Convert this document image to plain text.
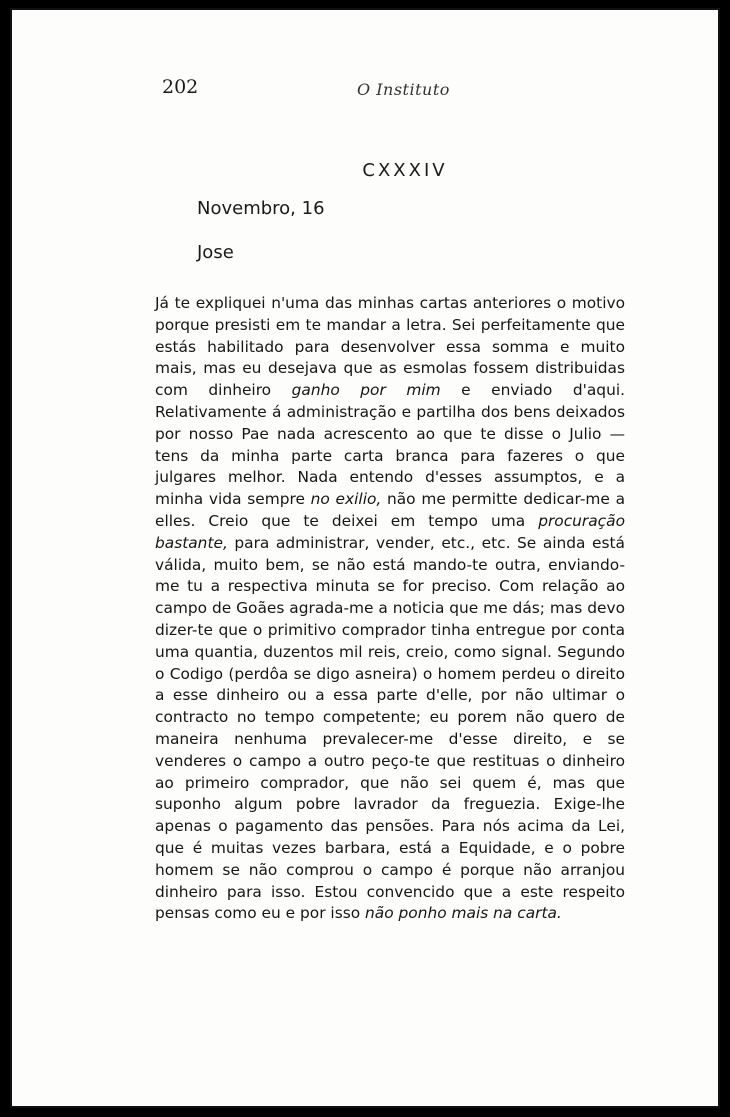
202	O Instituto
CXXXIV
Novembro, 16
Jose
Já te expliquei n'uma das minhas cartas anteriores o motivo porque presisti em te mandar a letra. Sei perfeitamente que estás habilitado para desenvolver essa somma e muito mais, mas eu desejava que as esmolas fossem distribuidas com dinheiro ganho por mim e enviado d'aqui. Relativamente á administração e partilha dos bens deixados por nosso Pae nada acrescento ao que te disse o Julio — tens da minha parte carta branca para fazeres o que julgares melhor. Nada entendo d'esses assumptos, e a minha vida sempre no exilio, não me permitte dedicar-me a elles. Creio que te deixei em tempo uma procuração bastante, para administrar, vender, etc., etc. Se ainda está válida, muito bem, se não está mando-te outra, enviando-me tu a respectiva minuta se for preciso. Com relação ao campo de Goães agrada-me a noticia que me dás; mas devo dizer-te que o primitivo comprador tinha entregue por conta uma quantia, duzentos mil reis, creio, como signal. Segundo o Codigo (perdôa se digo asneira) o homem perdeu o direito a esse dinheiro ou a essa parte d'elle, por não ultimar o contracto no tempo competente; eu porem não quero de maneira nenhuma prevalecer-me d'esse direito, e se venderes o campo a outro peço-te que restituas o dinheiro ao primeiro comprador, que não sei quem é, mas que suponho algum pobre lavrador da freguezia. Exige-lhe apenas o pagamento das pensões. Para nós acima da Lei, que é muitas vezes barbara, está a Equidade, e o pobre homem se não comprou o campo é porque não arranjou dinheiro para isso. Estou convencido que a este respeito pensas como eu e por isso não ponho mais na carta.
